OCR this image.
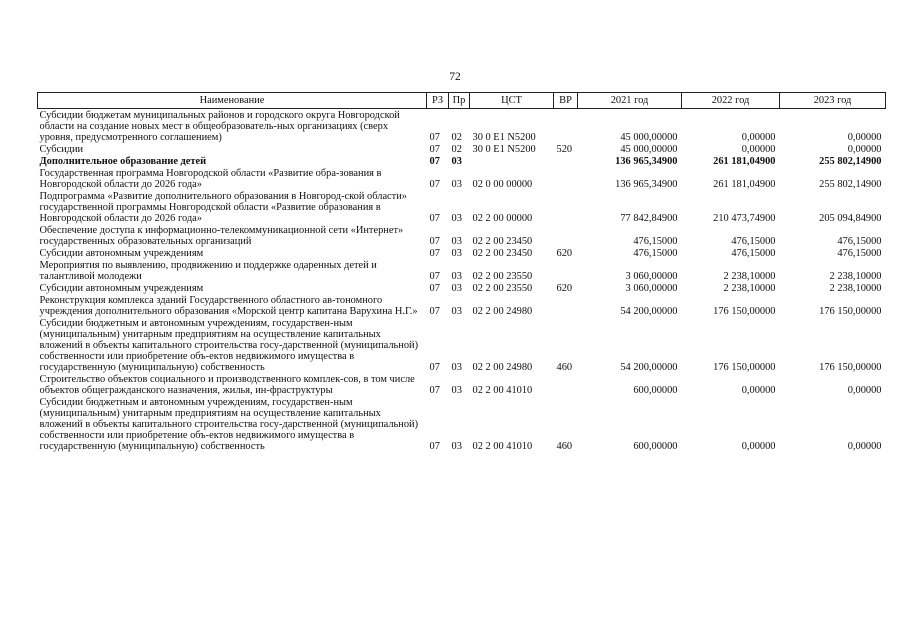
72
Наименование	РЗ	Пр	ЦСТ	ВР	2021 год	2022 год	2023 год
Субсидии бюджетам муниципальных районов и городского округа Новгородской области на создание новых мест в общеобразователь-ных организациях (сверх уровня, предусмотренного соглашением)	07	02	30 0 E1 N5200		45 000,00000	0,00000	0,00000
Субсидии	07	02	30 0 E1 N5200	520	45 000,00000	0,00000	0,00000
Дополнительное образование детей	07	03			136 965,34900	261 181,04900	255 802,14900
Государственная программа Новгородской области «Развитие обра-зования в Новгородской области до 2026 года»	07	03	02 0 00 00000		136 965,34900	261 181,04900	255 802,14900
Подпрограмма «Развитие дополнительного образования в Новгород-ской области» государственной программы Новгородской области «Развитие образования в Новгородской области до 2026 года»	07	03	02 2 00 00000		77 842,84900	210 473,74900	205 094,84900
Обеспечение доступа к информационно-телекоммуникационной сети «Интернет» государственных образовательных организаций	07	03	02 2 00 23450		476,15000	476,15000	476,15000
Субсидии автономным учреждениям	07	03	02 2 00 23450	620	476,15000	476,15000	476,15000
Мероприятия по выявлению, продвижению и поддержке одаренных детей и талантливой молодежи	07	03	02 2 00 23550		3 060,00000	2 238,10000	2 238,10000
Субсидии автономным учреждениям	07	03	02 2 00 23550	620	3 060,00000	2 238,10000	2 238,10000
Реконструкция комплекса зданий Государственного областного ав-тономного учреждения дополнительного образования «Морской центр капитана Варухина Н.Г.»	07	03	02 2 00 24980		54 200,00000	176 150,00000	176 150,00000
Субсидии бюджетным и автономным учреждениям, государствен-ным (муниципальным) унитарным предприятиям на осуществление капитальных вложений в объекты капитального строительства госу-дарственной (муниципальной) собственности или приобретение объ-ектов недвижимого имущества в государственную (муниципальную) собственность	07	03	02 2 00 24980	460	54 200,00000	176 150,00000	176 150,00000
Строительство объектов социального и производственного комплек-сов, в том числе объектов общегражданского назначения, жилья, ин-фраструктуры	07	03	02 2 00 41010		600,00000	0,00000	0,00000
Субсидии бюджетным и автономным учреждениям, государствен-ным (муниципальным) унитарным предприятиям на осуществление капитальных вложений в объекты капитального строительства госу-дарственной (муниципальной) собственности или приобретение объ-ектов недвижимого имущества в государственную (муниципальную) собственность	07	03	02 2 00 41010	460	600,00000	0,00000	0,00000
